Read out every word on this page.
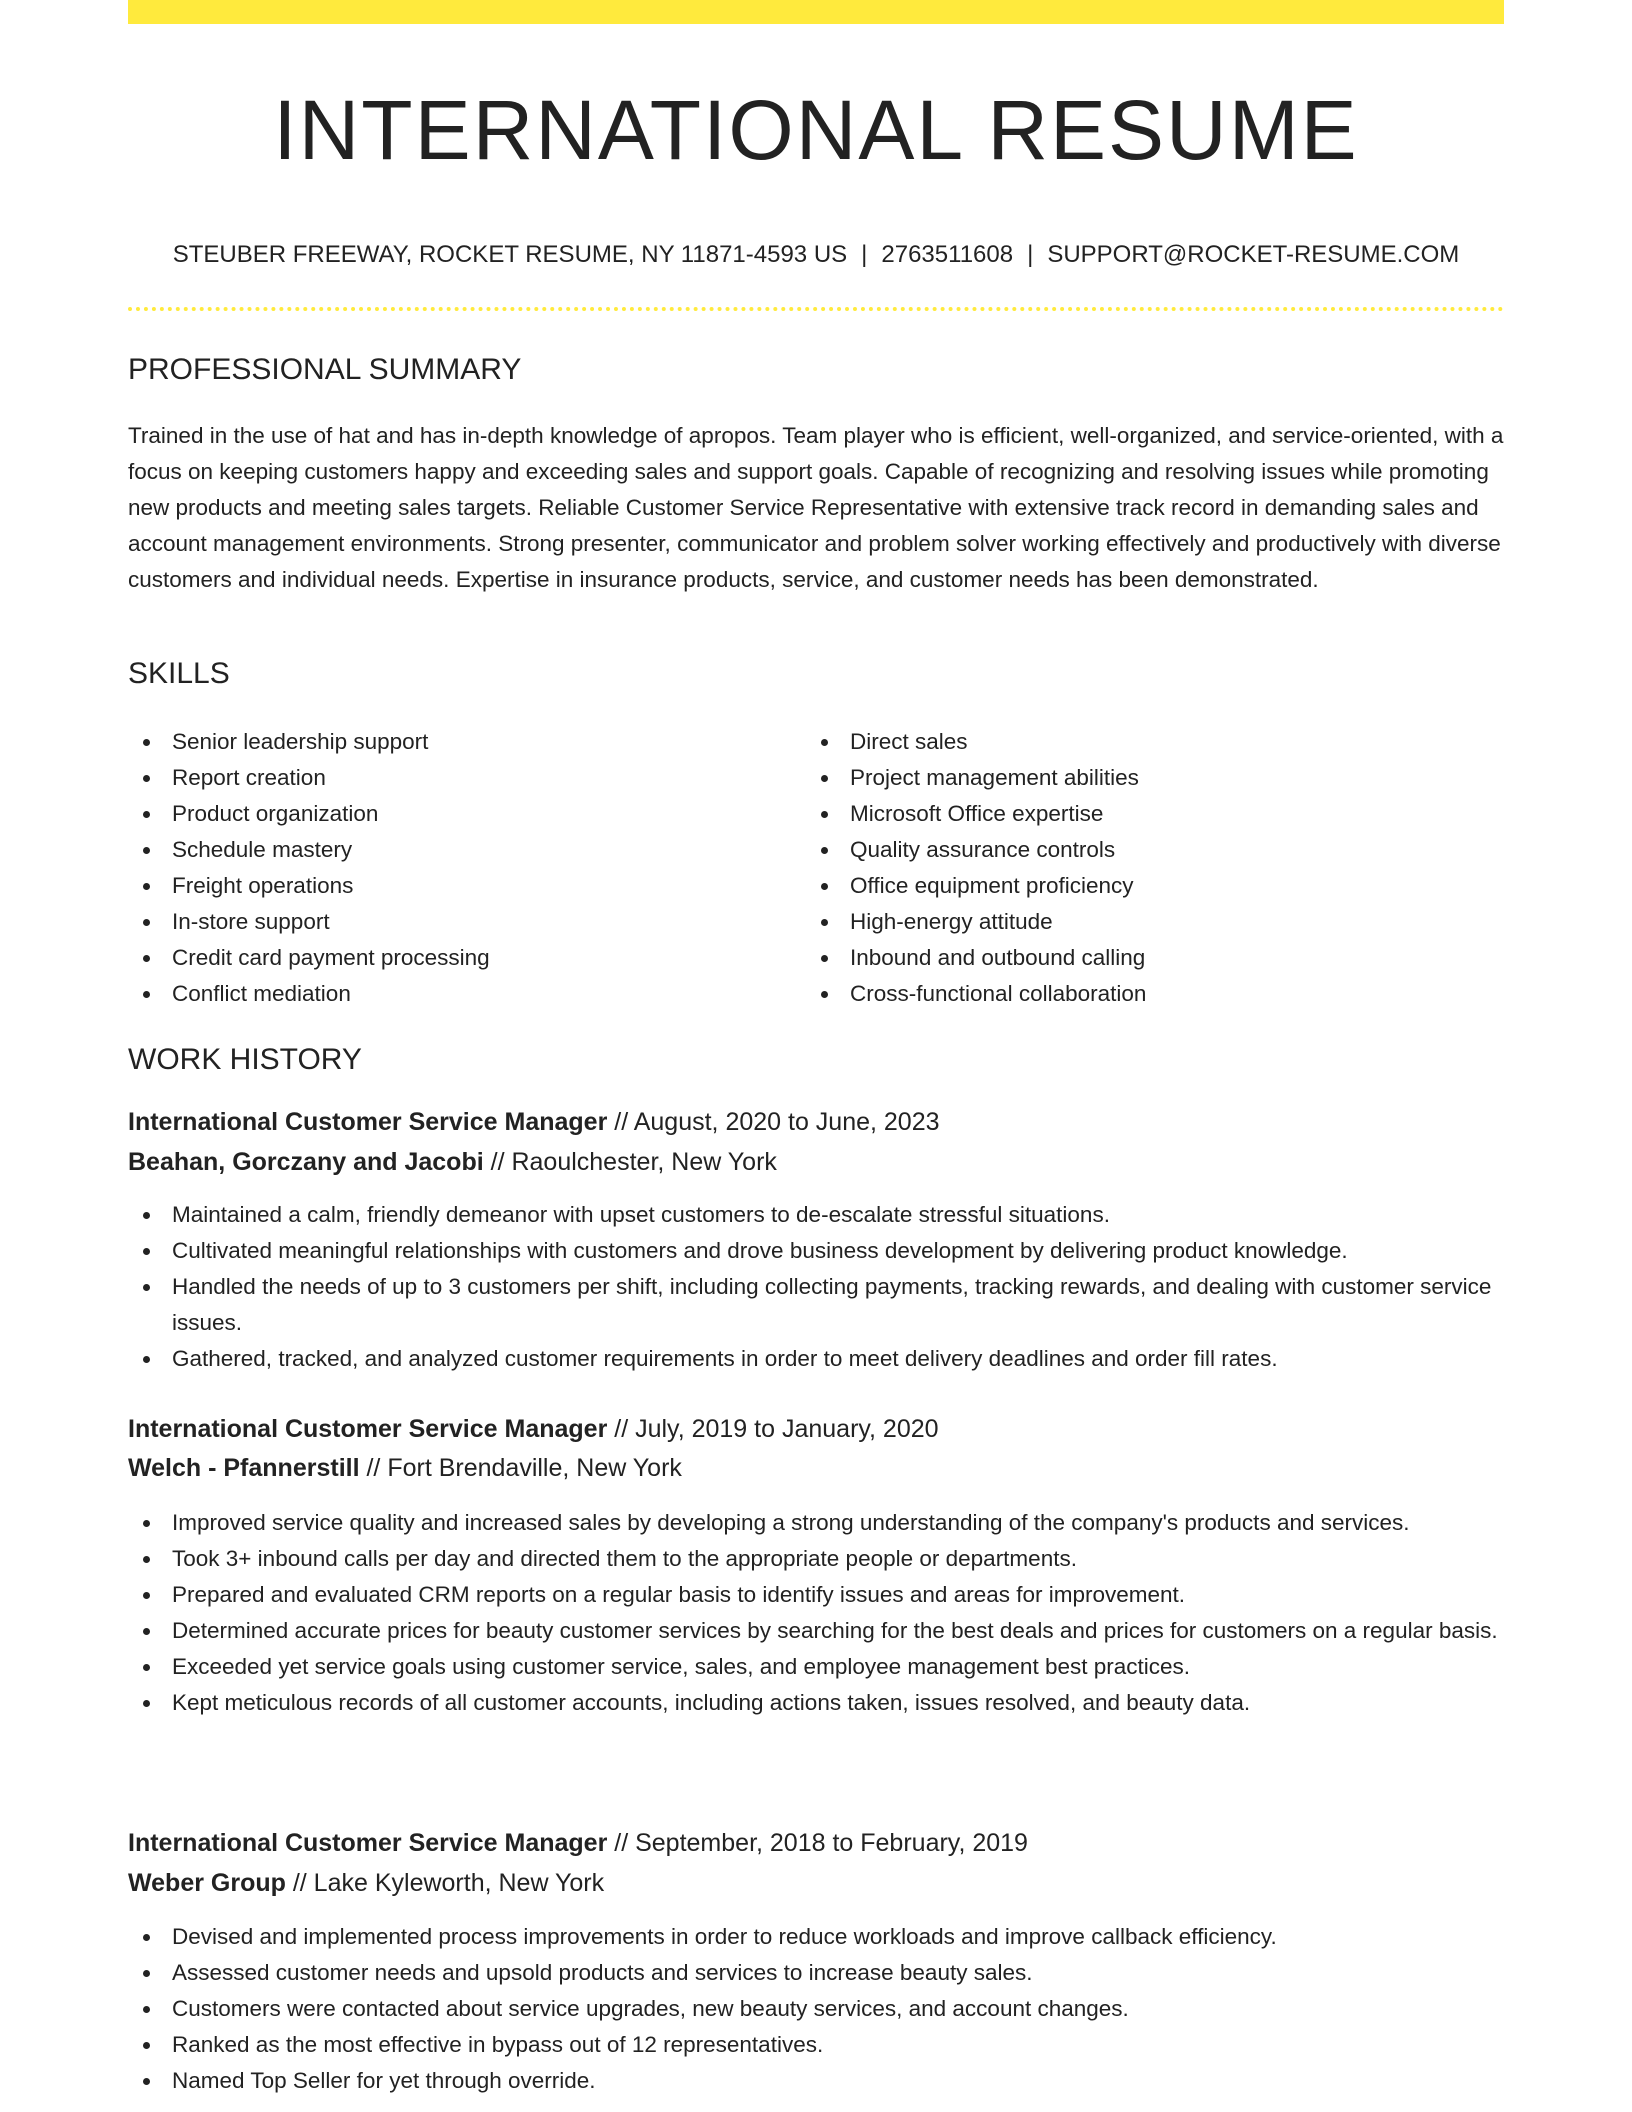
INTERNATIONAL RESUME
STEUBER FREEWAY, ROCKET RESUME, NY 11871-4593 US | 2763511608 | SUPPORT@ROCKET-RESUME.COM
PROFESSIONAL SUMMARY

Trained in the use of hat and has in-depth knowledge of apropos. Team player who is efficient, well-organized, and service-oriented, with a focus on keeping customers happy and exceeding sales and support goals. Capable of recognizing and resolving issues while promoting new products and meeting sales targets. Reliable Customer Service Representative with extensive track record in demanding sales and account management environments. Strong presenter, communicator and problem solver working effectively and productively with diverse customers and individual needs. Expertise in insurance products, service, and customer needs has been demonstrated.

SKILLS
Senior leadership support
Report creation
Product organization
Schedule mastery
Freight operations
In-store support
Credit card payment processing
Conflict mediation
Direct sales
Project management abilities
Microsoft Office expertise
Quality assurance controls
Office equipment proficiency
High-energy attitude
Inbound and outbound calling
Cross-functional collaboration
WORK HISTORY
International Customer Service Manager // August, 2020 to June, 2023
Beahan, Gorczany and Jacobi // Raoulchester, New York
Maintained a calm, friendly demeanor with upset customers to de-escalate stressful situations.
Cultivated meaningful relationships with customers and drove business development by delivering product knowledge.
Handled the needs of up to 3 customers per shift, including collecting payments, tracking rewards, and dealing with customer service issues.
Gathered, tracked, and analyzed customer requirements in order to meet delivery deadlines and order fill rates.
International Customer Service Manager // July, 2019 to January, 2020
Welch - Pfannerstill // Fort Brendaville, New York
Improved service quality and increased sales by developing a strong understanding of the company's products and services.
Took 3+ inbound calls per day and directed them to the appropriate people or departments.
Prepared and evaluated CRM reports on a regular basis to identify issues and areas for improvement.
Determined accurate prices for beauty customer services by searching for the best deals and prices for customers on a regular basis.
Exceeded yet service goals using customer service, sales, and employee management best practices.
Kept meticulous records of all customer accounts, including actions taken, issues resolved, and beauty data.
International Customer Service Manager // September, 2018 to February, 2019
Weber Group // Lake Kyleworth, New York
Devised and implemented process improvements in order to reduce workloads and improve callback efficiency.
Assessed customer needs and upsold products and services to increase beauty sales.
Customers were contacted about service upgrades, new beauty services, and account changes.
Ranked as the most effective in bypass out of 12 representatives.
Named Top Seller for yet through override.
